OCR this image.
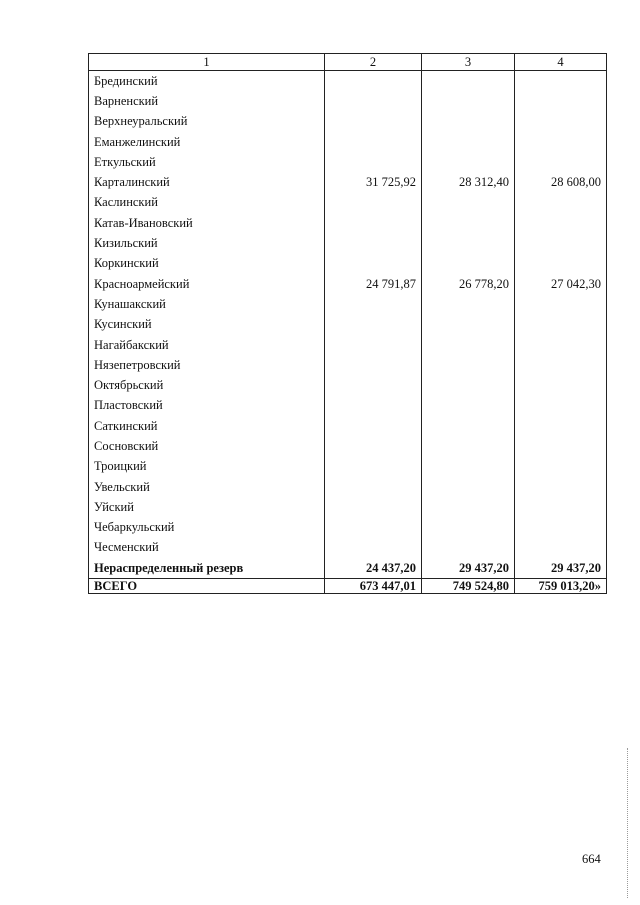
1	2	3	4
Брединский			
Варненский			
Верхнеуральский			
Еманжелинский			
Еткульский			
Карталинский	31 725,92	28 312,40	28 608,00
Каслинский			
Катав-Ивановский			
Кизильский			
Коркинский			
Красноармейский	24 791,87	26 778,20	27 042,30
Кунашакский			
Кусинский			
Нагайбакский			
Нязепетровский			
Октябрьский			
Пластовский			
Саткинский			
Сосновский			
Троицкий			
Увельский			
Уйский			
Чебаркульский			
Чесменский			
Нераспределенный резерв	24 437,20	29 437,20	29 437,20
ВСЕГО	673 447,01	749 524,80	759 013,20»
664
